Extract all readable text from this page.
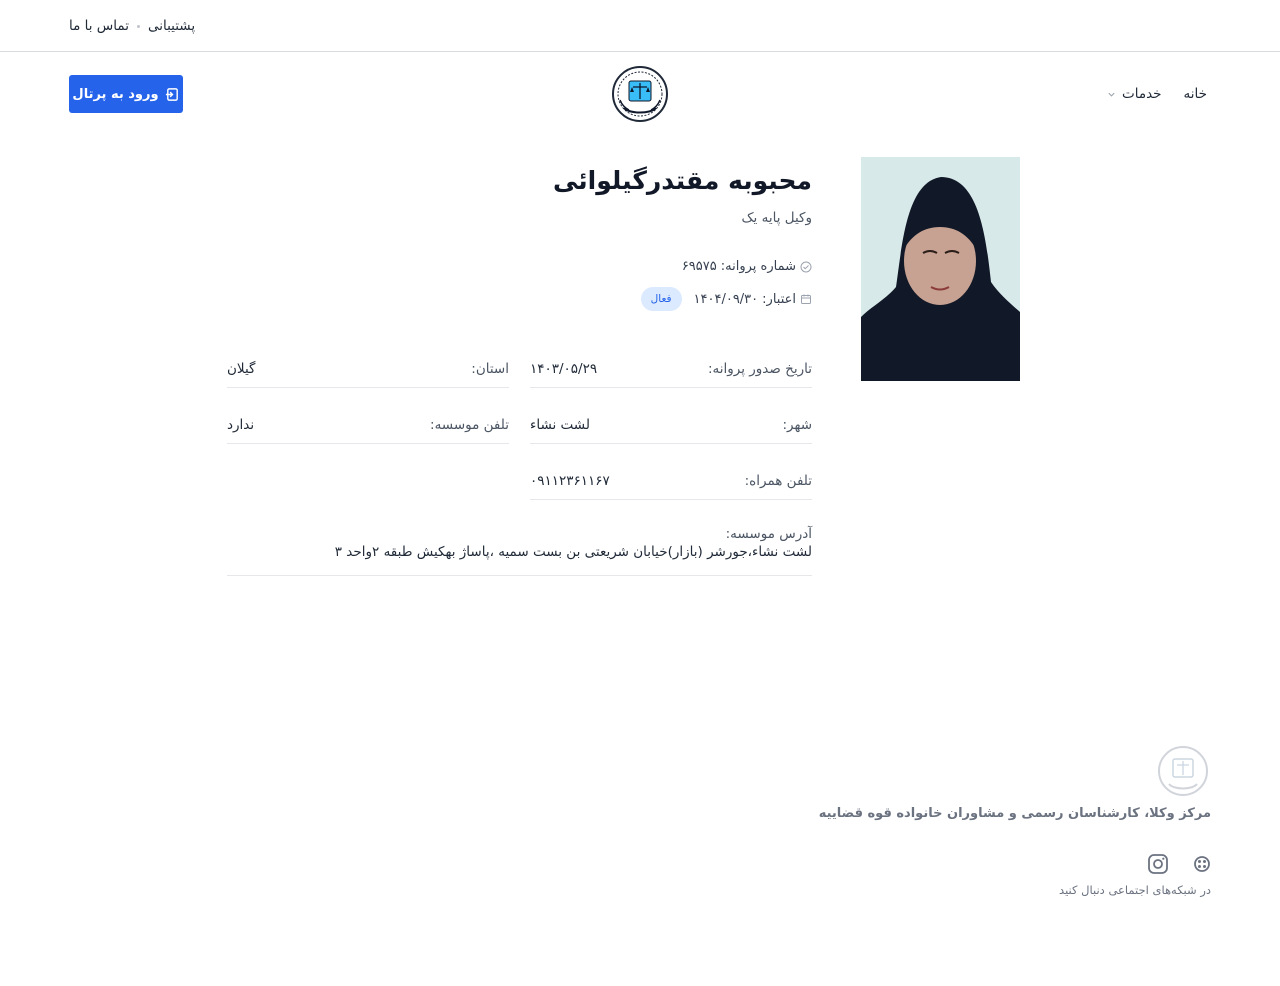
تماس با ما پشتیبانی
ورود به پرتال	خانه
خدمات
محبوبه مقتدرگیلوائی
وکیل پایه یک
شماره پروانه:
۶۹۵۷۵
اعتبار:
۱۴۰۴/۰۹/۳۰
فعال
تاریخ صدور پروانه:
۱۴۰۳/۰۵/۲۹
استان:
گیلان
شهر:
لشت نشاء
تلفن موسسه:
ندارد
تلفن همراه:
۰۹۱۱۲۳۶۱۱۶۷
آدرس موسسه:
لشت نشاء،جورشر (بازار)خیابان شریعتی بن بست سمیه ،پاساژ بهکیش طبقه ۲واحد ۳
مرکز وکلا، کارشناسان رسمی و مشاوران خانواده قوه قضاییه
در شبکه‌های اجتماعی دنبال کنید
